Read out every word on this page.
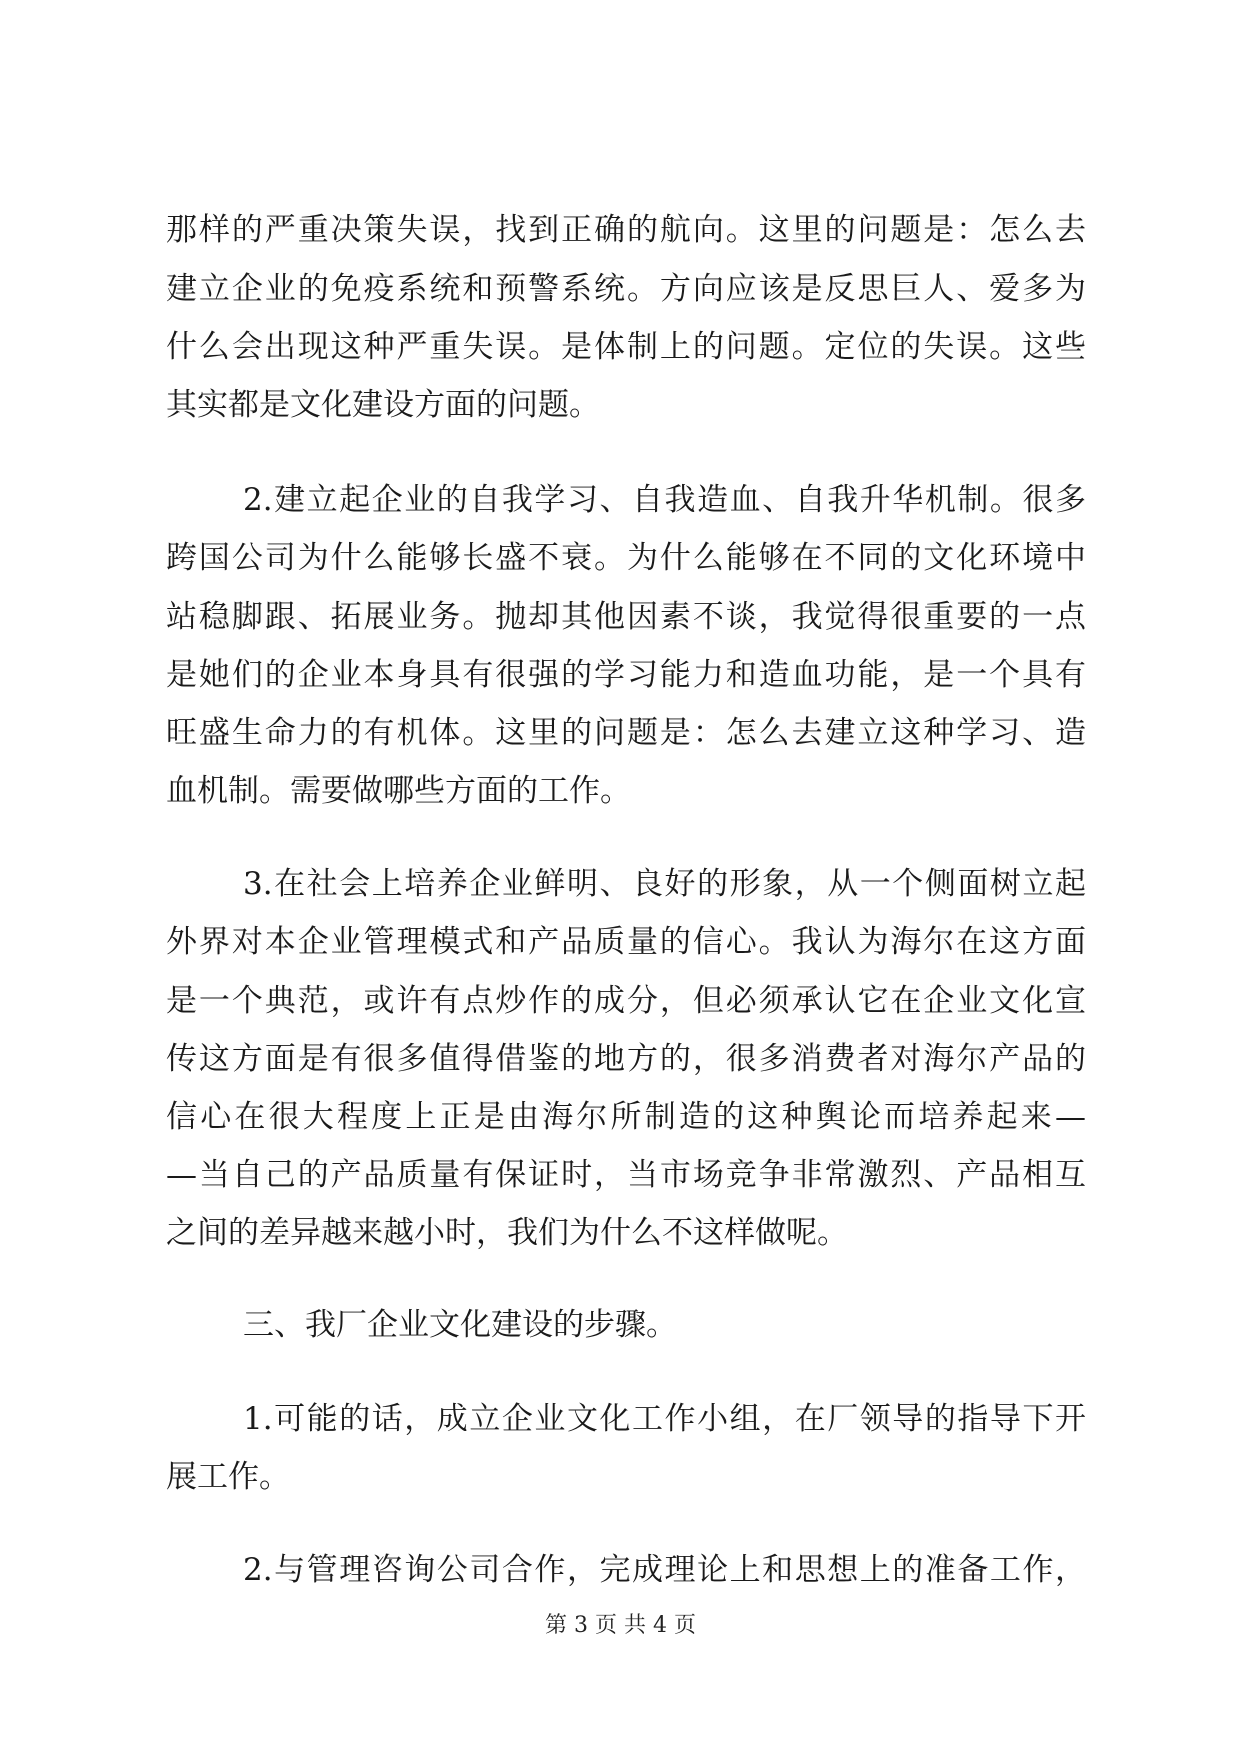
那样的严重决策失误，找到正确的航向。这里的问题是：怎么去
建立企业的免疫系统和预警系统。方向应该是反思巨人、爱多为
什么会出现这种严重失误。是体制上的问题。定位的失误。这些
其实都是文化建设方面的问题。
2.建立起企业的自我学习、自我造血、自我升华机制。很多
跨国公司为什么能够长盛不衰。为什么能够在不同的文化环境中
站稳脚跟、拓展业务。抛却其他因素不谈，我觉得很重要的一点
是她们的企业本身具有很强的学习能力和造血功能，是一个具有
旺盛生命力的有机体。这里的问题是：怎么去建立这种学习、造
血机制。需要做哪些方面的工作。
3.在社会上培养企业鲜明、良好的形象，从一个侧面树立起
外界对本企业管理模式和产品质量的信心。我认为海尔在这方面
是一个典范，或许有点炒作的成分，但必须承认它在企业文化宣
传这方面是有很多值得借鉴的地方的，很多消费者对海尔产品的
信心在很大程度上正是由海尔所制造的这种舆论而培养起来—
—当自己的产品质量有保证时，当市场竞争非常激烈、产品相互
之间的差异越来越小时，我们为什么不这样做呢。
三、我厂企业文化建设的步骤。
1.可能的话，成立企业文化工作小组，在厂领导的指导下开
展工作。
2.与管理咨询公司合作，完成理论上和思想上的准备工作，
第 3 页 共 4 页
